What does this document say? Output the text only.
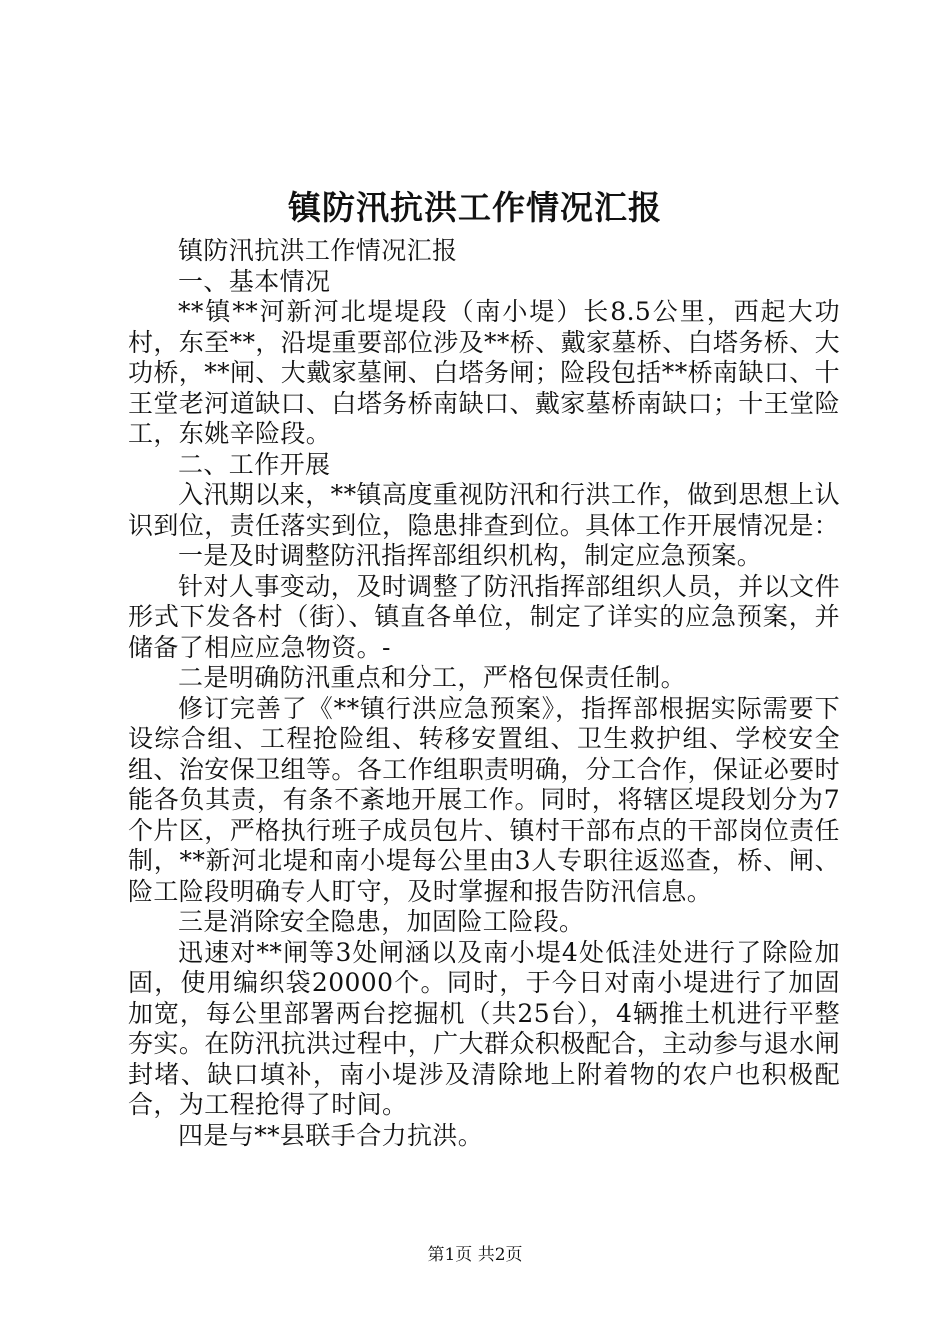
镇防汛抗洪工作情况汇报

镇防汛抗洪工作情况汇报

一、基本情况

**镇**河新河北堤堤段（南小堤）长8.5公里，西起大功村，东至**，沿堤重要部位涉及**桥、戴家墓桥、白塔务桥、大功桥，**闸、大戴家墓闸、白塔务闸；险段包括**桥南缺口、十王堂老河道缺口、白塔务桥南缺口、戴家墓桥南缺口；十王堂险工，东姚辛险段。

二、工作开展

入汛期以来，**镇高度重视防汛和行洪工作，做到思想上认识到位，责任落实到位，隐患排查到位。具体工作开展情况是：

一是及时调整防汛指挥部组织机构，制定应急预案。

针对人事变动，及时调整了防汛指挥部组织人员，并以文件形式下发各村（街）、镇直各单位，制定了详实的应急预案，并储备了相应应急物资。-

二是明确防汛重点和分工，严格包保责任制。

修订完善了《**镇行洪应急预案》，指挥部根据实际需要下设综合组、工程抢险组、转移安置组、卫生救护组、学校安全组、治安保卫组等。各工作组职责明确，分工合作，保证必要时能各负其责，有条不紊地开展工作。同时，将辖区堤段划分为7个片区，严格执行班子成员包片、镇村干部布点的干部岗位责任制，**新河北堤和南小堤每公里由3人专职往返巡查，桥、闸、险工险段明确专人盯守，及时掌握和报告防汛信息。

三是消除安全隐患，加固险工险段。

迅速对**闸等3处闸涵以及南小堤4处低洼处进行了除险加固，使用编织袋20000个。同时，于今日对南小堤进行了加固加宽，每公里部署两台挖掘机（共25台），4辆推土机进行平整夯实。在防汛抗洪过程中，广大群众积极配合，主动参与退水闸封堵、缺口填补，南小堤涉及清除地上附着物的农户也积极配合，为工程抢得了时间。

四是与**县联手合力抗洪。

第1页 共2页
